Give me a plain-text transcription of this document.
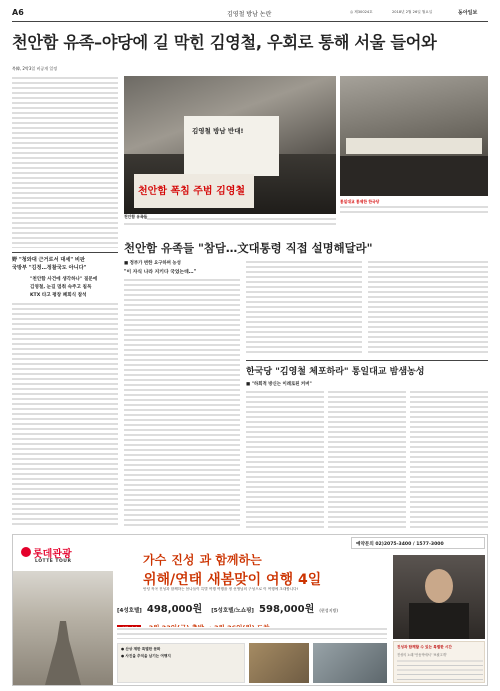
A6	김영철 방남 논란	◎ 제30024호	2018년 2월 26일 월요일	동아일보
천안함 유족–야당에 길 막힌 김영철, 우회로 통해 서울 들어와
북韓, 2박3일 비공개 일정
김영철 방남 반대!
천안함 폭침 주범 김영철
천안함 유족들
통일대교 통제한 한국당
野 "청와대 근거로서 대세" 비판
국방부 "김정…정찰국도 아니다"
"천안함 사건에 생각하나" 질문에
김영철, 눈길 멈춰 숙주고 침묵
KTX 타고 평창 폐회식 참석
천안함 유족들 "참담…文대통령 직접 설명해달라"
■ 정부가 변한 요구하며 농성
"이 자식 나라 지키다 국었는데…"
한국당 "김영철 체포하라" 통일대교 밤샘농성
■ "하회적 방신는 이례로된 커버"
롯데관광
LOTTE TOUR
예약문의 02)2075-3400 / 1577-3000
가수 진성 과 함께하는
위해/연태 새봄맞이 여행 4일
안녕 작곡 진성과 함께하는 봄나들이 특별 여행 여행을 정 선생님의 구성으로 이 여행에 초대합니다!
[4성호텔] 498,000원 [5성호텔/노쇼핑] 598,000원 (현성지방)
● 산상 제한 특별한 문화
● 사진을 추억을 남기는 여행지
진성과 함께할 수 있는 특별한 시간
진성의 노래 '안동역에서' '보릿고개'
